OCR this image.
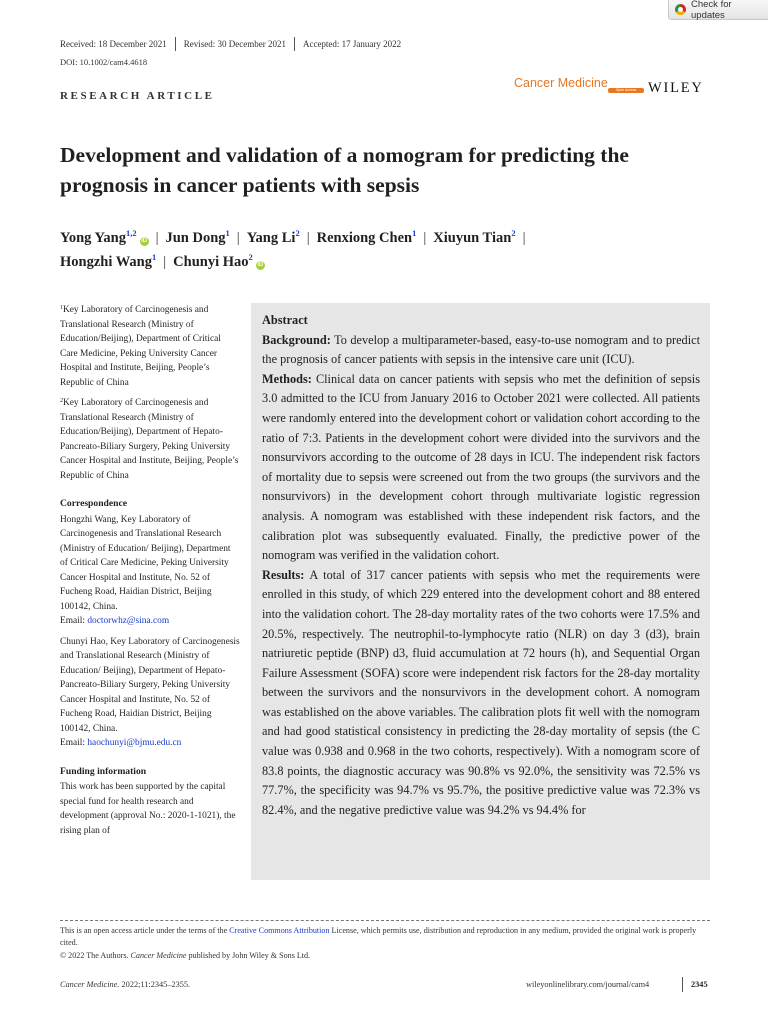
Check for updates
Received: 18 December 2021 Revised: 30 December 2021 Accepted: 17 January 2022
DOI: 10.1002/cam4.4618
RESEARCH ARTICLE
Cancer Medicine	Open Access WILEY
Development and validation of a nomogram for predicting the prognosis in cancer patients with sepsis
Yong Yang$^{1,2}$iD | Jun Dong$^1$ | Yang Li$^2$ | Renxiong Chen$^1$ | Xiuyun Tian$^2$ |
Hongzhi Wang$^1$ | Chunyi Hao$^2$iD

$^1$Key Laboratory of Carcinogenesis and Translational Research (Ministry of Education/Beijing), Department of Critical Care Medicine, Peking University Cancer Hospital and Institute, Beijing, People’s Republic of China

$^2$Key Laboratory of Carcinogenesis and Translational Research (Ministry of Education/Beijing), Department of Hepato-Pancreato-Biliary Surgery, Peking University Cancer Hospital and Institute, Beijing, People’s Republic of China

Correspondence

Hongzhi Wang, Key Laboratory of Carcinogenesis and Translational Research (Ministry of Education/ Beijing), Department of Critical Care Medicine, Peking University Cancer Hospital and Institute, No. 52 of Fucheng Road, Haidian District, Beijing 100142, China.
Email: doctorwhz@sina.com

Chunyi Hao, Key Laboratory of Carcinogenesis and Translational Research (Ministry of Education/ Beijing), Department of Hepato-Pancreato-Biliary Surgery, Peking University Cancer Hospital and Institute, No. 52 of Fucheng Road, Haidian District, Beijing 100142, China.
Email: haochunyi@bjmu.edu.cn

Funding information

This work has been supported by the capital special fund for health research and development (approval No.: 2020-1-1021), the rising plan of

Abstract

Background: To develop a multiparameter-based, easy-to-use nomogram and to predict the prognosis of cancer patients with sepsis in the intensive care unit (ICU).

Methods: Clinical data on cancer patients with sepsis who met the definition of sepsis 3.0 admitted to the ICU from January 2016 to October 2021 were collected. All patients were randomly entered into the development cohort or validation cohort according to the ratio of 7:3. Patients in the development cohort were divided into the survivors and the nonsurvivors according to the outcome of 28 days in ICU. The independent risk factors of mortality due to sepsis were screened out from the two groups (the survivors and the nonsurvivors) in the development cohort through multivariate logistic regression analysis. A nomogram was established with these independent risk factors, and the calibration plot was subsequently evaluated. Finally, the predictive power of the nomogram was verified in the validation cohort.

Results: A total of 317 cancer patients with sepsis who met the requirements were enrolled in this study, of which 229 entered into the development cohort and 88 entered into the validation cohort. The 28-day mortality rates of the two cohorts were 17.5% and 20.5%, respectively. The neutrophil-to-lymphocyte ratio (NLR) on day 3 (d3), brain natriuretic peptide (BNP) d3, fluid accumulation at 72 hours (h), and Sequential Organ Failure Assessment (SOFA) score were independent risk factors for the 28-day mortality between the survivors and the nonsurvivors in the development cohort. A nomogram was established on the above variables. The calibration plots fit well with the nomogram and had good statistical consistency in predicting the 28-day mortality of sepsis (the C value was 0.938 and 0.968 in the two cohorts, respectively). With a nomogram score of 83.8 points, the diagnostic accuracy was 90.8% vs 92.0%, the sensitivity was 72.5% vs 77.7%, the specificity was 94.7% vs 95.7%, the positive predictive value was 72.3% vs 82.4%, and the negative predictive value was 94.2% vs 94.4% for

This is an open access article under the terms of the Creative Commons Attribution License, which permits use, distribution and reproduction in any medium, provided the original work is properly cited.
© 2022 The Authors. Cancer Medicine published by John Wiley & Sons Ltd.
Cancer Medicine. 2022;11:2345–2355.	wileyonlinelibrary.com/journal/cam4	2345
